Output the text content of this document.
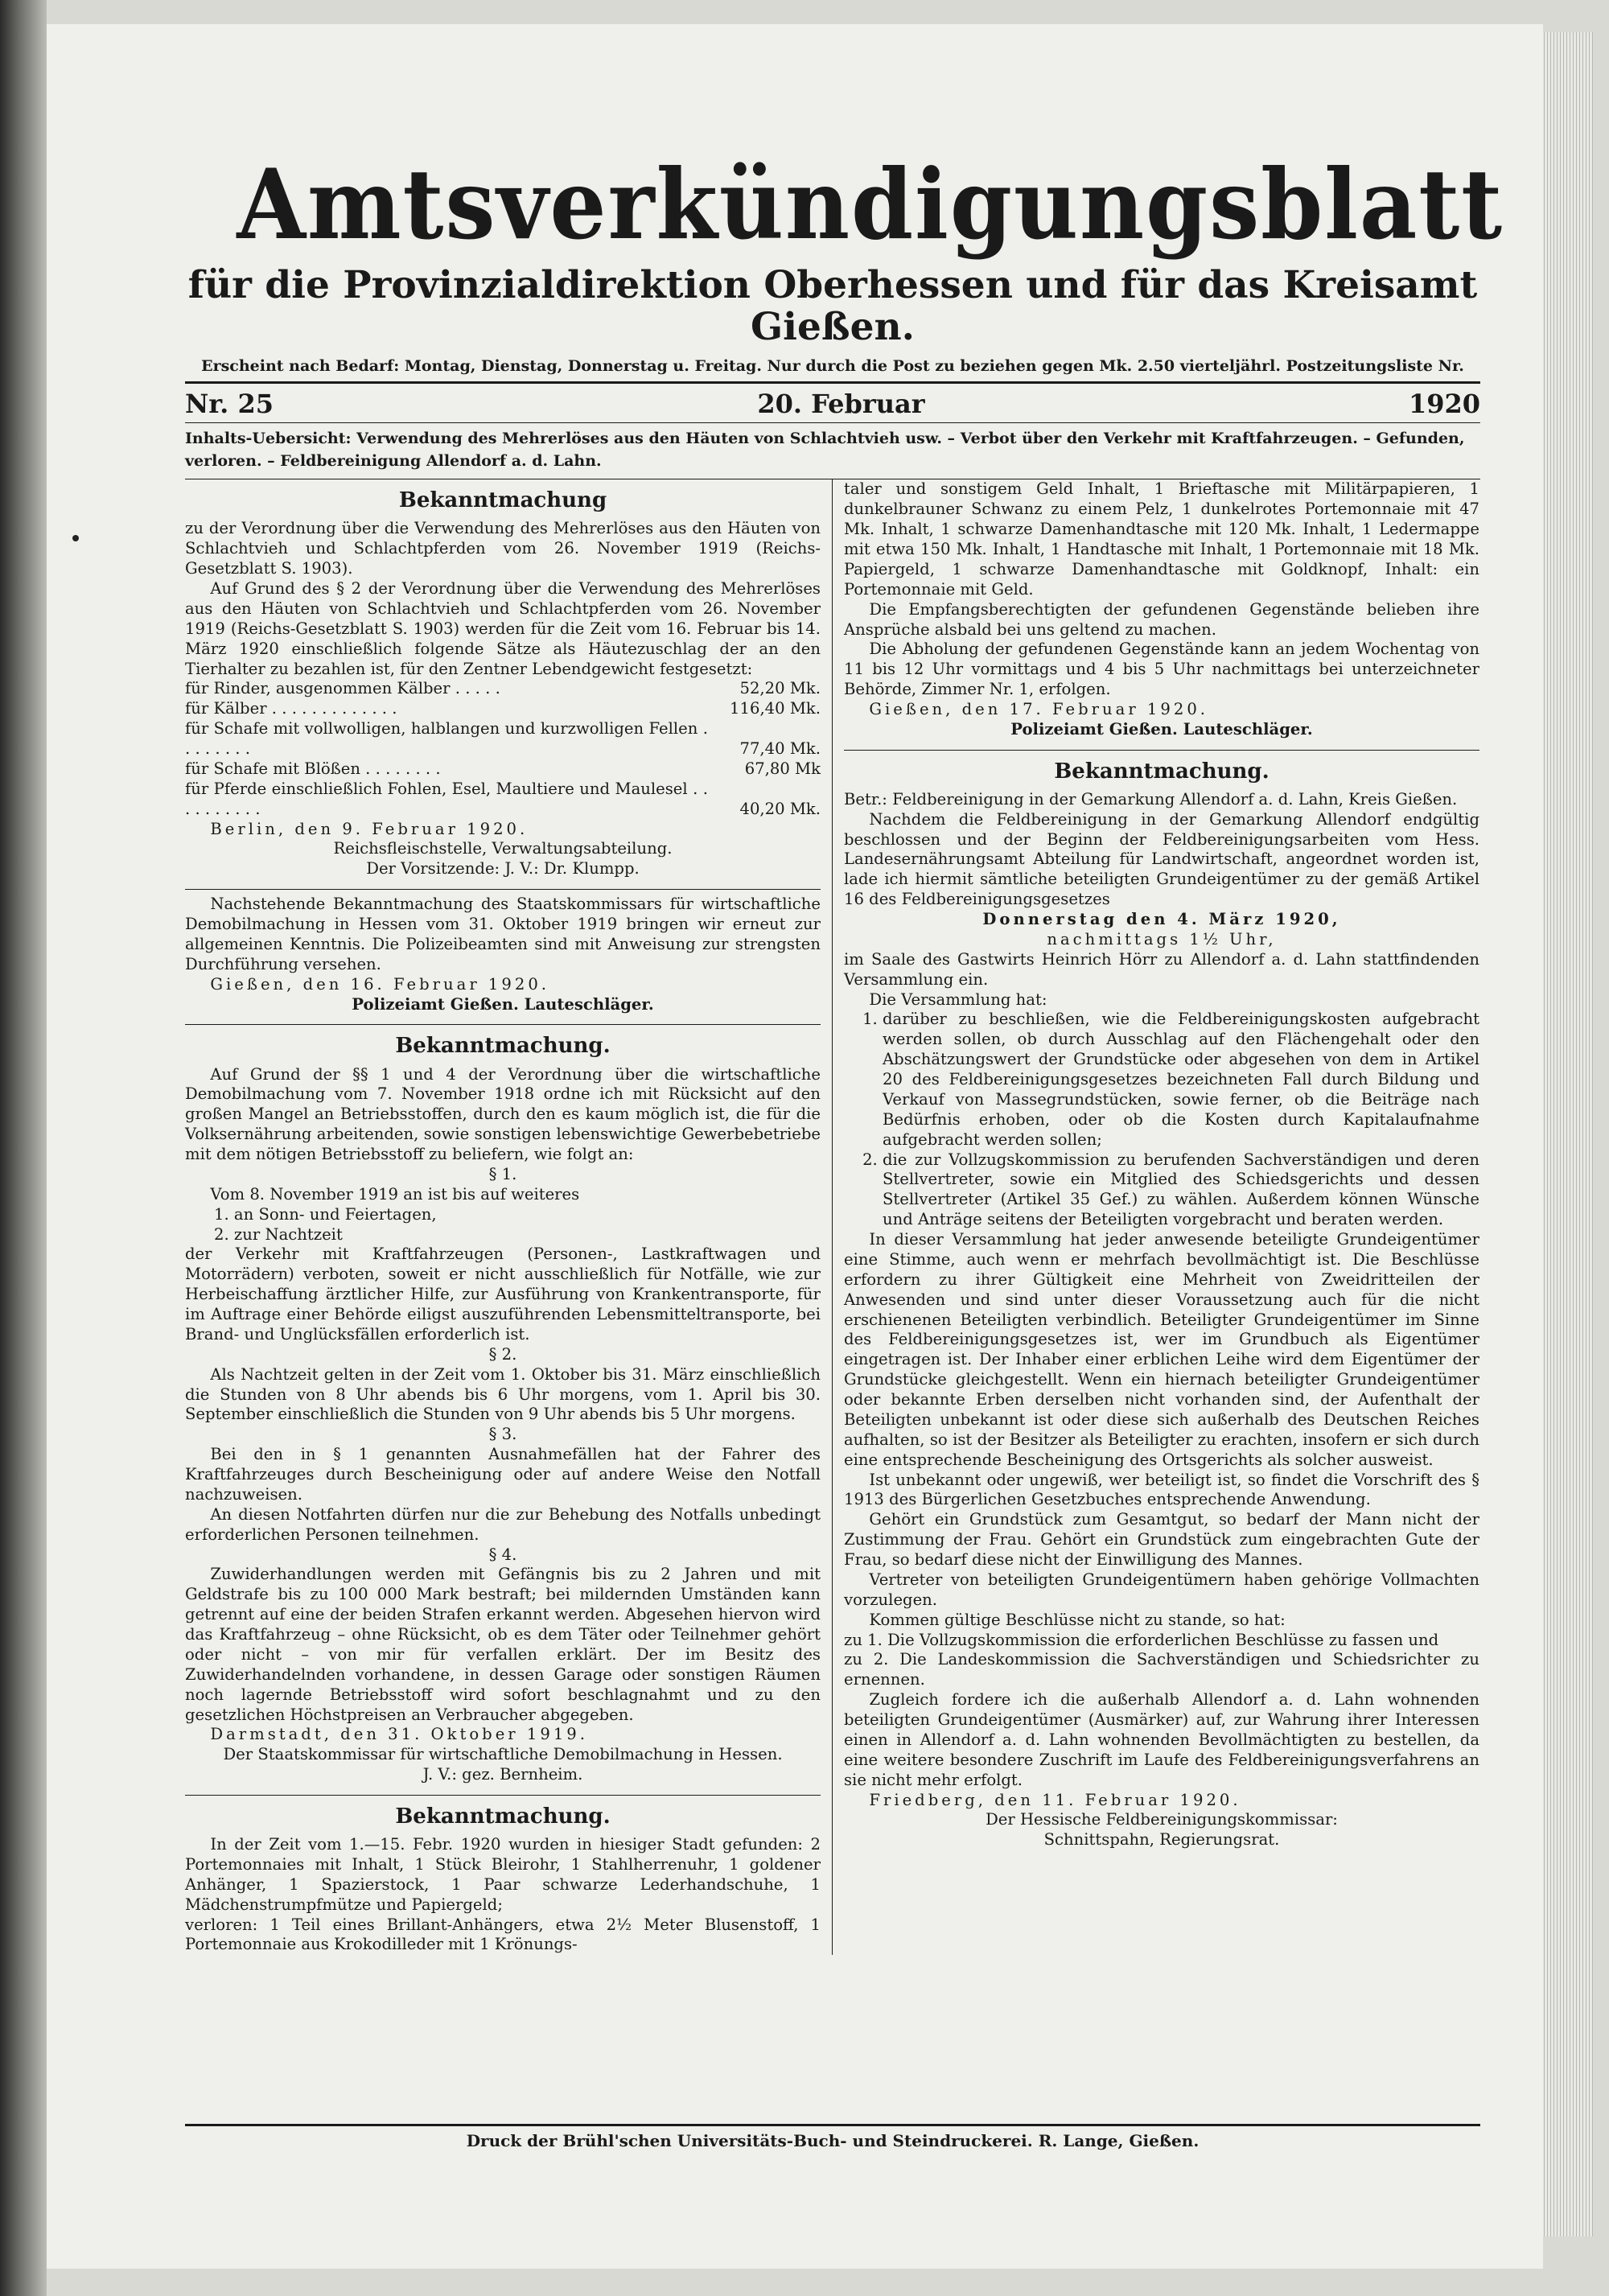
Amtsverkündigungsblatt
für die Provinzialdirektion Oberhessen und für das Kreisamt Gießen.
Erscheint nach Bedarf: Montag, Dienstag, Donnerstag u. Freitag. Nur durch die Post zu beziehen gegen Mk. 2.50 vierteljährl. Postzeitungsliste Nr.
Nr. 25	20. Februar	1920
Inhalts-Uebersicht: Verwendung des Mehrerlöses aus den Häuten von Schlachtvieh usw. – Verbot über den Verkehr mit Kraftfahrzeugen. – Gefunden, verloren. – Feldbereinigung Allendorf a. d. Lahn.
Bekanntmachung

zu der Verordnung über die Verwendung des Mehrerlöses aus den Häuten von Schlachtvieh und Schlachtpferden vom 26. November 1919 (Reichs-Gesetzblatt S. 1903).

Auf Grund des § 2 der Verordnung über die Verwendung des Mehrerlöses aus den Häuten von Schlachtvieh und Schlachtpferden vom 26. November 1919 (Reichs-Gesetzblatt S. 1903) werden für die Zeit vom 16. Februar bis 14. März 1920 einschließlich folgende Sätze als Häutezuschlag der an den Tierhalter zu bezahlen ist, für den Zentner Lebendgewicht festgesetzt:

für Rinder, ausgenommen Kälber . . . . .	52,20 Mk.
für Kälber . . . . . . . . . . . . .	116,40 Mk.
für Schafe mit vollwolligen, halblangen und kurzwolligen Fellen . . . . . . . .	77,40 Mk.
für Schafe mit Blößen . . . . . . . .	67,80 Mk
für Pferde einschließlich Fohlen, Esel, Maultiere und Maulesel . . . . . . . . . .	40,20 Mk.

Berlin, den 9. Februar 1920.

Reichsfleischstelle, Verwaltungsabteilung.
Der Vorsitzende: J. V.: Dr. Klumpp.

Nachstehende Bekanntmachung des Staatskommissars für wirtschaftliche Demobilmachung in Hessen vom 31. Oktober 1919 bringen wir erneut zur allgemeinen Kenntnis. Die Polizeibeamten sind mit Anweisung zur strengsten Durchführung versehen.

Gießen, den 16. Februar 1920.

Polizeiamt Gießen. Lauteschläger.
Bekanntmachung.

Auf Grund der §§ 1 und 4 der Verordnung über die wirtschaftliche Demobilmachung vom 7. November 1918 ordne ich mit Rücksicht auf den großen Mangel an Betriebsstoffen, durch den es kaum möglich ist, die für die Volksernährung arbeitenden, sowie sonstigen lebenswichtige Gewerbebetriebe mit dem nötigen Betriebsstoff zu beliefern, wie folgt an:

§ 1.

Vom 8. November 1919 an ist bis auf weiteres

1. an Sonn- und Feiertagen,
2. zur Nachtzeit

der Verkehr mit Kraftfahrzeugen (Personen-, Lastkraftwagen und Motorrädern) verboten, soweit er nicht ausschließlich für Notfälle, wie zur Herbeischaffung ärztlicher Hilfe, zur Ausführung von Krankentransporte, für im Auftrage einer Behörde eiligst auszuführenden Lebensmitteltransporte, bei Brand- und Unglücksfällen erforderlich ist.

§ 2.

Als Nachtzeit gelten in der Zeit vom 1. Oktober bis 31. März einschließlich die Stunden von 8 Uhr abends bis 6 Uhr morgens, vom 1. April bis 30. September einschließlich die Stunden von 9 Uhr abends bis 5 Uhr morgens.

§ 3.

Bei den in § 1 genannten Ausnahmefällen hat der Fahrer des Kraftfahrzeuges durch Bescheinigung oder auf andere Weise den Notfall nachzuweisen.

An diesen Notfahrten dürfen nur die zur Behebung des Notfalls unbedingt erforderlichen Personen teilnehmen.

§ 4.

Zuwiderhandlungen werden mit Gefängnis bis zu 2 Jahren und mit Geldstrafe bis zu 100 000 Mark bestraft; bei mildernden Umständen kann getrennt auf eine der beiden Strafen erkannt werden. Abgesehen hiervon wird das Kraftfahrzeug – ohne Rücksicht, ob es dem Täter oder Teilnehmer gehört oder nicht – von mir für verfallen erklärt. Der im Besitz des Zuwiderhandelnden vorhandene, in dessen Garage oder sonstigen Räumen noch lagernde Betriebsstoff wird sofort beschlagnahmt und zu den gesetzlichen Höchstpreisen an Verbraucher abgegeben.

Darmstadt, den 31. Oktober 1919.

Der Staatskommissar für wirtschaftliche Demobilmachung in Hessen.
J. V.: gez. Bernheim.
Bekanntmachung.

In der Zeit vom 1.—15. Febr. 1920 wurden in hiesiger Stadt gefunden: 2 Portemonnaies mit Inhalt, 1 Stück Bleirohr, 1 Stahlherrenuhr, 1 goldener Anhänger, 1 Spazierstock, 1 Paar schwarze Lederhandschuhe, 1 Mädchenstrumpfmütze und Papiergeld;

verloren: 1 Teil eines Brillant-Anhängers, etwa 2½ Meter Blusenstoff, 1 Portemonnaie aus Krokodilleder mit 1 Krönungs-

taler und sonstigem Geld Inhalt, 1 Brieftasche mit Militärpapieren, 1 dunkelbrauner Schwanz zu einem Pelz, 1 dunkelrotes Portemonnaie mit 47 Mk. Inhalt, 1 schwarze Damenhandtasche mit 120 Mk. Inhalt, 1 Ledermappe mit etwa 150 Mk. Inhalt, 1 Handtasche mit Inhalt, 1 Portemonnaie mit 18 Mk. Papiergeld, 1 schwarze Damenhandtasche mit Goldknopf, Inhalt: ein Portemonnaie mit Geld.

Die Empfangsberechtigten der gefundenen Gegenstände belieben ihre Ansprüche alsbald bei uns geltend zu machen.

Die Abholung der gefundenen Gegenstände kann an jedem Wochentag von 11 bis 12 Uhr vormittags und 4 bis 5 Uhr nachmittags bei unterzeichneter Behörde, Zimmer Nr. 1, erfolgen.

Gießen, den 17. Februar 1920.

Polizeiamt Gießen. Lauteschläger.
Bekanntmachung.

Betr.: Feldbereinigung in der Gemarkung Allendorf a. d. Lahn, Kreis Gießen.

Nachdem die Feldbereinigung in der Gemarkung Allendorf endgültig beschlossen und der Beginn der Feldbereinigungsarbeiten vom Hess. Landesernährungsamt Abteilung für Landwirtschaft, angeordnet worden ist, lade ich hiermit sämtliche beteiligten Grundeigentümer zu der gemäß Artikel 16 des Feldbereinigungsgesetzes

Donnerstag den 4. März 1920,
nachmittags 1½ Uhr,

im Saale des Gastwirts Heinrich Hörr zu Allendorf a. d. Lahn stattfindenden Versammlung ein.

Die Versammlung hat:

1. darüber zu beschließen, wie die Feldbereinigungskosten aufgebracht werden sollen, ob durch Ausschlag auf den Flächengehalt oder den Abschätzungswert der Grundstücke oder abgesehen von dem in Artikel 20 des Feldbereinigungsgesetzes bezeichneten Fall durch Bildung und Verkauf von Massegrundstücken, sowie ferner, ob die Beiträge nach Bedürfnis erhoben, oder ob die Kosten durch Kapitalaufnahme aufgebracht werden sollen;
2. die zur Vollzugskommission zu berufenden Sachverständigen und deren Stellvertreter, sowie ein Mitglied des Schiedsgerichts und dessen Stellvertreter (Artikel 35 Gef.) zu wählen. Außerdem können Wünsche und Anträge seitens der Beteiligten vorgebracht und beraten werden.

In dieser Versammlung hat jeder anwesende beteiligte Grundeigentümer eine Stimme, auch wenn er mehrfach bevollmächtigt ist. Die Beschlüsse erfordern zu ihrer Gültigkeit eine Mehrheit von Zweidritteilen der Anwesenden und sind unter dieser Voraussetzung auch für die nicht erschienenen Beteiligten verbindlich. Beteiligter Grundeigentümer im Sinne des Feldbereinigungsgesetzes ist, wer im Grundbuch als Eigentümer eingetragen ist. Der Inhaber einer erblichen Leihe wird dem Eigentümer der Grundstücke gleichgestellt. Wenn ein hiernach beteiligter Grundeigentümer oder bekannte Erben derselben nicht vorhanden sind, der Aufenthalt der Beteiligten unbekannt ist oder diese sich außerhalb des Deutschen Reiches aufhalten, so ist der Besitzer als Beteiligter zu erachten, insofern er sich durch eine entsprechende Bescheinigung des Ortsgerichts als solcher ausweist.

Ist unbekannt oder ungewiß, wer beteiligt ist, so findet die Vorschrift des § 1913 des Bürgerlichen Gesetzbuches entsprechende Anwendung.

Gehört ein Grundstück zum Gesamtgut, so bedarf der Mann nicht der Zustimmung der Frau. Gehört ein Grundstück zum eingebrachten Gute der Frau, so bedarf diese nicht der Einwilligung des Mannes.

Vertreter von beteiligten Grundeigentümern haben gehörige Vollmachten vorzulegen.

Kommen gültige Beschlüsse nicht zu stande, so hat:

zu 1. Die Vollzugskommission die erforderlichen Beschlüsse zu fassen und
zu 2. Die Landeskommission die Sachverständigen und Schiedsrichter zu ernennen.

Zugleich fordere ich die außerhalb Allendorf a. d. Lahn wohnenden beteiligten Grundeigentümer (Ausmärker) auf, zur Wahrung ihrer Interessen einen in Allendorf a. d. Lahn wohnenden Bevollmächtigten zu bestellen, da eine weitere besondere Zuschrift im Laufe des Feldbereinigungsverfahrens an sie nicht mehr erfolgt.

Friedberg, den 11. Februar 1920.

Der Hessische Feldbereinigungskommissar:
Schnittspahn, Regierungsrat.
Druck der Brühl'schen Universitäts-Buch- und Steindruckerei. R. Lange, Gießen.
